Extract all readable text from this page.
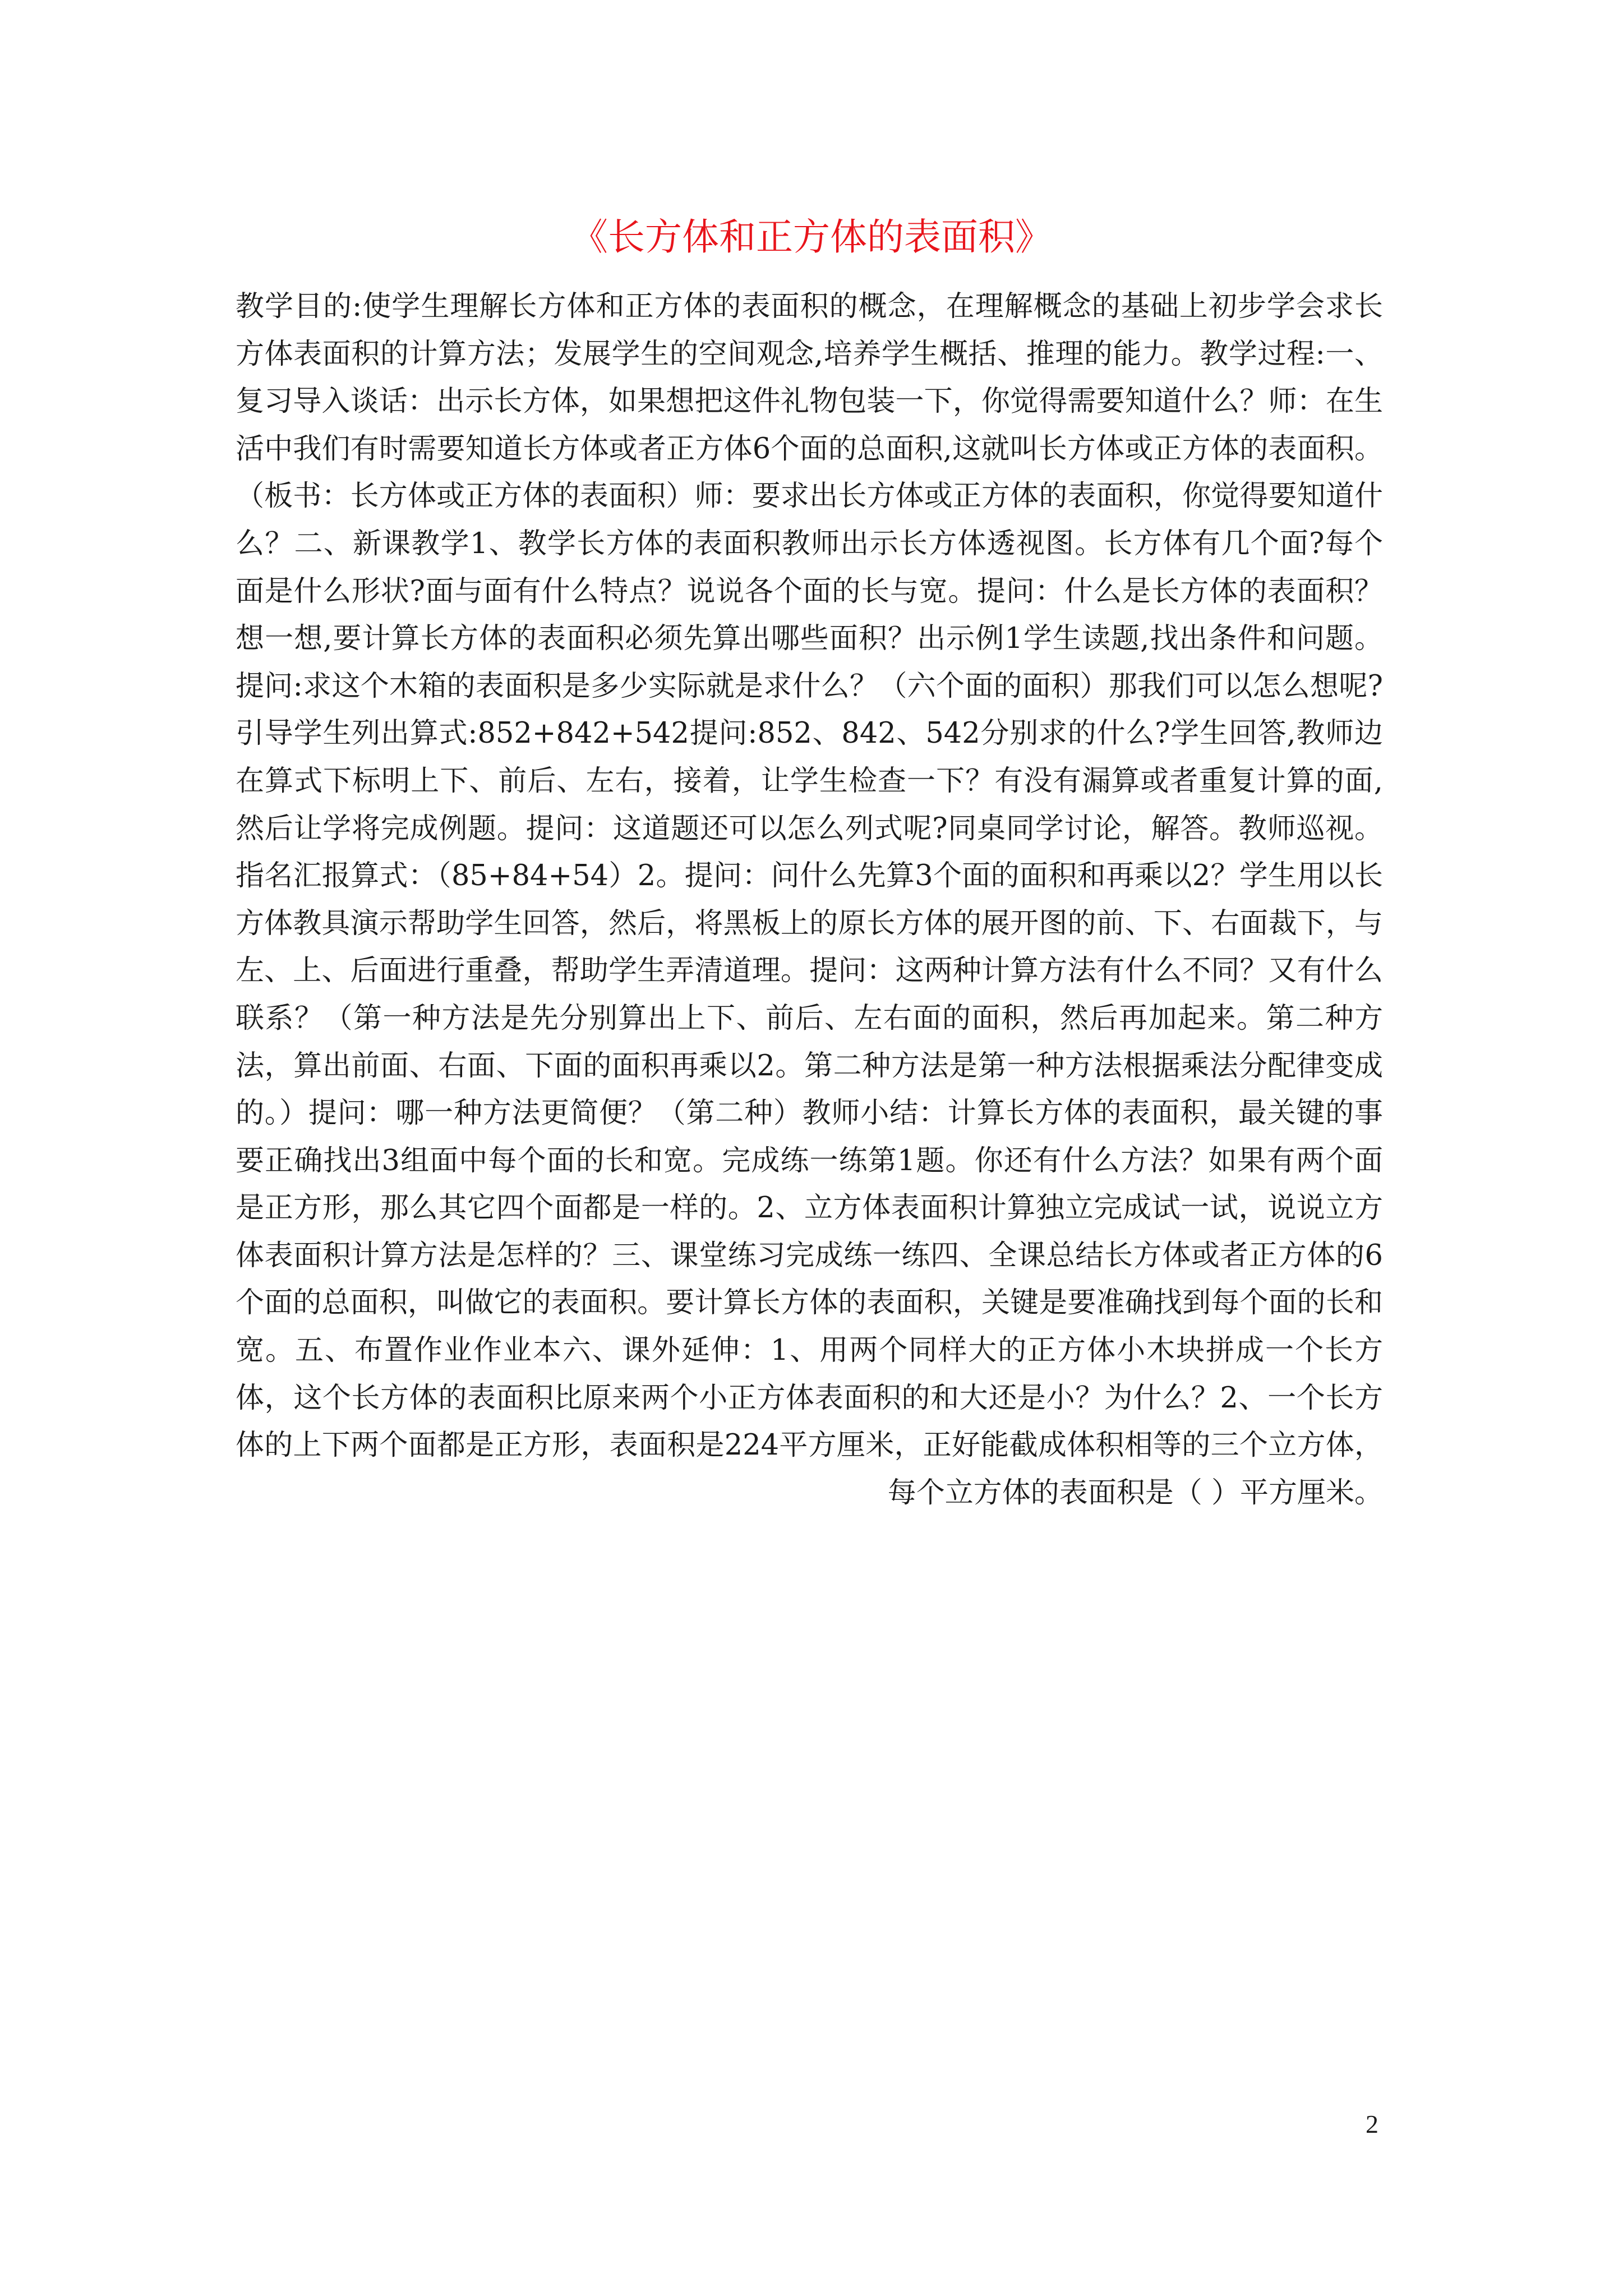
《长方体和正方体的表面积》

教学目的:使学生理解长方体和正方体的表面积的概念，在理解概念的基础上初步学会求长方体表面积的计算方法；发展学生的空间观念,培养学生概括、推理的能力。教学过程:一、复习导入谈话：出示长方体，如果想把这件礼物包装一下，你觉得需要知道什么？师：在生活中我们有时需要知道长方体或者正方体6个面的总面积,这就叫长方体或正方体的表面积。（板书：长方体或正方体的表面积）师：要求出长方体或正方体的表面积，你觉得要知道什么？二、新课教学1、教学长方体的表面积教师出示长方体透视图。长方体有几个面?每个面是什么形状?面与面有什么特点？说说各个面的长与宽。提问：什么是长方体的表面积？想一想,要计算长方体的表面积必须先算出哪些面积？出示例1学生读题,找出条件和问题。提问:求这个木箱的表面积是多少实际就是求什么？（六个面的面积）那我们可以怎么想呢?引导学生列出算式:852+842+542提问:852、842、542分别求的什么?学生回答,教师边在算式下标明上下、前后、左右，接着，让学生检查一下？有没有漏算或者重复计算的面,然后让学将完成例题。提问：这道题还可以怎么列式呢?同桌同学讨论，解答。教师巡视。指名汇报算式：（85+84+54）2。提问：问什么先算3个面的面积和再乘以2？学生用以长方体教具演示帮助学生回答，然后，将黑板上的原长方体的展开图的前、下、右面裁下，与左、上、后面进行重叠，帮助学生弄清道理。提问：这两种计算方法有什么不同？又有什么联系？（第一种方法是先分别算出上下、前后、左右面的面积，然后再加起来。第二种方法，算出前面、右面、下面的面积再乘以2。第二种方法是第一种方法根据乘法分配律变成的。）提问：哪一种方法更简便？（第二种）教师小结：计算长方体的表面积，最关键的事要正确找出3组面中每个面的长和宽。完成练一练第1题。你还有什么方法？如果有两个面是正方形，那么其它四个面都是一样的。2、立方体表面积计算独立完成试一试，说说立方体表面积计算方法是怎样的？三、课堂练习完成练一练四、全课总结长方体或者正方体的6个面的总面积，叫做它的表面积。要计算长方体的表面积，关键是要准确找到每个面的长和宽。五、布置作业作业本六、课外延伸：1、用两个同样大的正方体小木块拼成一个长方体，这个长方体的表面积比原来两个小正方体表面积的和大还是小？为什么？2、一个长方体的上下两个面都是正方形，表面积是224平方厘米，正好能截成体积相等的三个立方体，每个立方体的表面积是（ ）平方厘米。

2
